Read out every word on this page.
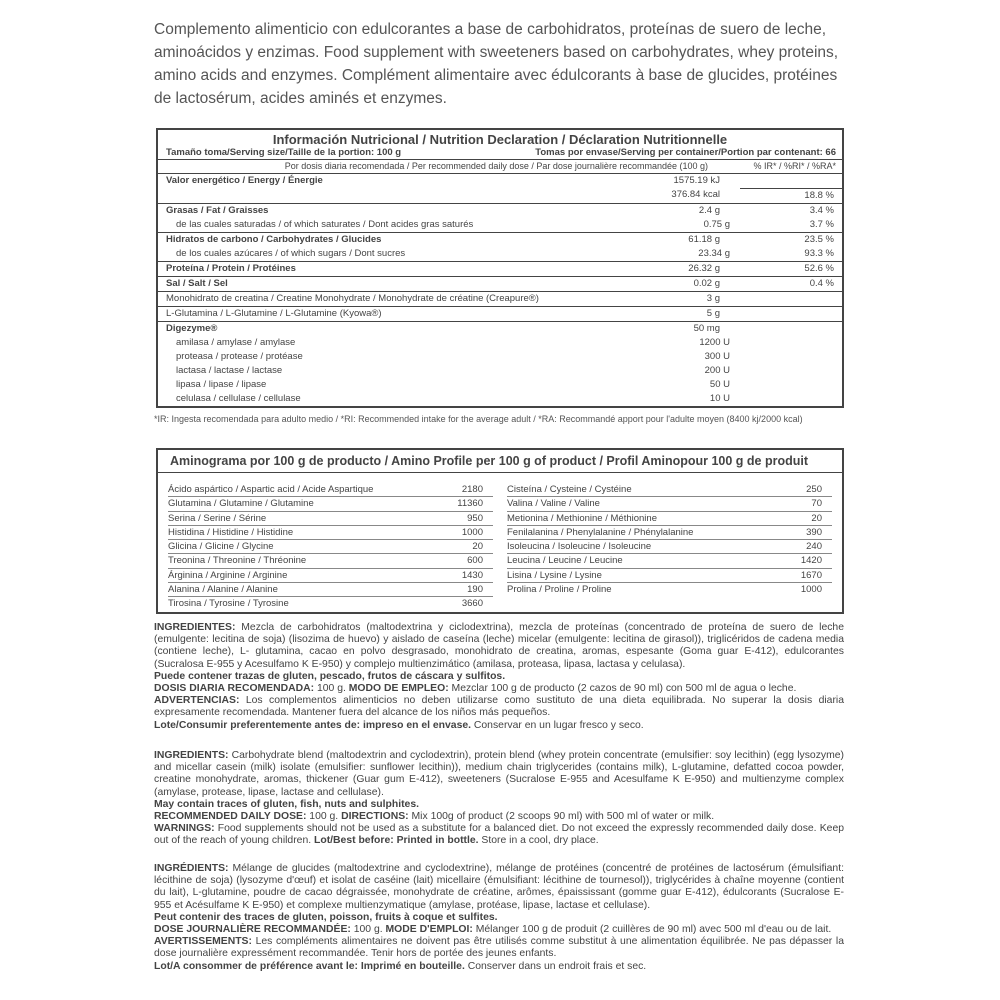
Complemento alimenticio con edulcorantes a base de carbohidratos, proteínas de suero de leche, aminoácidos y enzimas. Food supplement with sweeteners based on carbohydrates, whey proteins, amino acids and enzymes. Complément alimentaire avec édulcorants à base de glucides, protéines de lactosérum, acides aminés et enzymes.
Información Nutricional / Nutrition Declaration / Déclaration Nutritionnelle
Tamaño toma/Serving size/Taille de la portion: 100 g	Tomas por envase/Serving per container/Portion par contenant: 66
Por dosis diaria recomendada / Per recommended daily dose / Par dose journalière recommandée (100 g)	% IR* / %RI* / %RA*
Valor energético / Energy / Énergie	1575.19 kJ
376.84 kcal	18.8 %
Grasas / Fat / Graisses	2.4 g	3.4 %
de las cuales saturadas / of which saturates / Dont acides gras saturés	0.75 g	3.7 %
Hidratos de carbono / Carbohydrates / Glucides	61.18 g	23.5 %
de los cuales azúcares / of which sugars / Dont sucres	23.34 g	93.3 %
Proteína / Protein / Protéines	26.32 g	52.6 %
Sal / Salt / Sel	0.02 g	0.4 %
Monohidrato de creatina / Creatine Monohydrate / Monohydrate de créatine (Creapure®)	3 g
L-Glutamina / L-Glutamine / L-Glutamine (Kyowa®)	5 g
Digezyme®	50 mg
amilasa / amylase / amylase	1200 U
proteasa / protease / protéase	300 U
lactasa / lactase / lactase	200 U
lipasa / lipase / lipase	50 U
celulasa / cellulase / cellulase	10 U
*IR: Ingesta recomendada para adulto medio / *RI: Recommended intake for the average adult / *RA: Recommandé apport pour l'adulte moyen (8400 kj/2000 kcal)
Aminograma por 100 g de producto / Amino Profile per 100 g of product / Profil Aminopour 100 g de produit
Ácido aspártico / Aspartic acid / Acide Aspartique	2180
Glutamina / Glutamine / Glutamine	11360
Serina / Serine / Sérine	950
Histidina / Histidine / Histidine	1000
Glicina / Glicine / Glycine	20
Treonina / Threonine / Thréonine	600
Árginina / Arginine / Arginine	1430
Alanina / Alanine / Alanine	190
Tirosina / Tyrosine / Tyrosine	3660
Cisteína / Cysteine / Cystéine	250
Valina / Valine / Valine	70
Metionina / Methionine / Méthionine	20
Fenilalanina / Phenylalanine / Phénylalanine	390
Isoleucina / Isoleucine / Isoleucine	240
Leucina / Leucine / Leucine	1420
Lisina / Lysine / Lysine	1670
Prolina / Proline / Proline	1000
INGREDIENTES: Mezcla de carbohidratos (maltodextrina y ciclodextrina), mezcla de proteínas (concentrado de proteína de suero de leche (emulgente: lecitina de soja) (lisozima de huevo) y aislado de caseína (leche) micelar (emulgente: lecitina de girasol)), triglicéridos de cadena media (contiene leche), L- glutamina, cacao en polvo desgrasado, monohidrato de creatina, aromas, espesante (Goma guar E-412), edulcorantes (Sucralosa E-955 y Acesulfamo K E-950) y complejo multienzimático (amilasa, proteasa, lipasa, lactasa y celulasa).
Puede contener trazas de gluten, pescado, frutos de cáscara y sulfitos.
DOSIS DIARIA RECOMENDADA: 100 g. MODO DE EMPLEO: Mezclar 100 g de producto (2 cazos de 90 ml) con 500 ml de agua o leche.
ADVERTENCIAS: Los complementos alimenticios no deben utilizarse como sustituto de una dieta equilibrada. No superar la dosis diaria expresamente recomendada. Mantener fuera del alcance de los niños más pequeños.
Lote/Consumir preferentemente antes de: impreso en el envase. Conservar en un lugar fresco y seco.
INGREDIENTS: Carbohydrate blend (maltodextrin and cyclodextrin), protein blend (whey protein concentrate (emulsifier: soy lecithin) (egg lysozyme) and micellar casein (milk) isolate (emulsifier: sunflower lecithin)), medium chain triglycerides (contains milk), L-glutamine, defatted cocoa powder, creatine monohydrate, aromas, thickener (Guar gum E-412), sweeteners (Sucralose E-955 and Acesulfame K E-950) and multienzyme complex (amylase, protease, lipase, lactase and cellulase).
May contain traces of gluten, fish, nuts and sulphites.
RECOMMENDED DAILY DOSE: 100 g. DIRECTIONS: Mix 100g of product (2 scoops 90 ml) with 500 ml of water or milk.
WARNINGS: Food supplements should not be used as a substitute for a balanced diet. Do not exceed the expressly recommended daily dose. Keep out of the reach of young children. Lot/Best before: Printed in bottle. Store in a cool, dry place.
INGRÉDIENTS: Mélange de glucides (maltodextrine and cyclodextrine), mélange de protéines (concentré de protéines de lactosérum (émulsifiant: lécithine de soja) (lysozyme d'œuf) et isolat de caséine (lait) micellaire (émulsifiant: lécithine de tournesol)), triglycérides à chaîne moyenne (contient du lait), L-glutamine, poudre de cacao dégraissée, monohydrate de créatine, arômes, épaississant (gomme guar E-412), édulcorants (Sucralose E-955 et Acésulfame K E-950) et complexe multienzymatique (amylase, protéase, lipase, lactase et cellulase).
Peut contenir des traces de gluten, poisson, fruits à coque et sulfites.
DOSE JOURNALIÈRE RECOMMANDÉE: 100 g. MODE D'EMPLOI: Mélanger 100 g de produit (2 cuillères de 90 ml) avec 500 ml d'eau ou de lait.
AVERTISSEMENTS: Les compléments alimentaires ne doivent pas être utilisés comme substitut à une alimentation équilibrée. Ne pas dépasser la dose journalière expressément recommandée. Tenir hors de portée des jeunes enfants.
Lot/A consommer de préférence avant le: Imprimé en bouteille. Conserver dans un endroit frais et sec.
